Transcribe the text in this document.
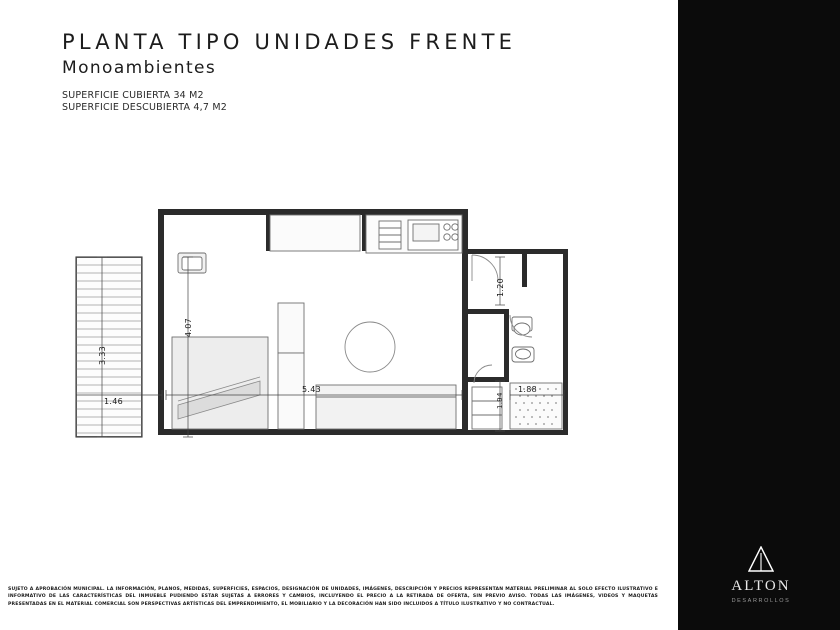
PLANTA TIPO UNIDADES FRENTE
Monoambientes
SUPERFICIE CUBIERTA 34 M2
SUPERFICIE DESCUBIERTA 4,7 M2
3.33
4.07
1.46
5.43
1.20
1.94
1.88
SUJETO A APROBACIÓN MUNICIPAL. LA INFORMACIÓN, PLANOS, MEDIDAS, SUPERFICIES, ESPACIOS, DESIGNACIÓN DE UNIDADES, IMÁGENES, DESCRIPCIÓN Y PRECIOS REPRESENTAN MATERIAL PRELIMINAR AL SOLO EFECTO ILUSTRATIVO E INFORMATIVO DE LAS CARACTERÍSTICAS DEL INMUEBLE PUDIENDO ESTAR SUJETAS A ERRORES Y CAMBIOS, INCLUYENDO EL PRECIO A LA RETIRADA DE OFERTA, SIN PREVIO AVISO. TODAS LAS IMÁGENES, VIDEOS Y MAQUETAS PRESENTADAS EN EL MATERIAL COMERCIAL SON PERSPECTIVAS ARTÍSTICAS DEL EMPRENDIMIENTO, EL MOBILIARIO Y LA DECORACIÓN HAN SIDO INCLUIDOS A TÍTULO ILUSTRATIVO Y NO CONTRACTUAL.
ALTON
DESARROLLOS
